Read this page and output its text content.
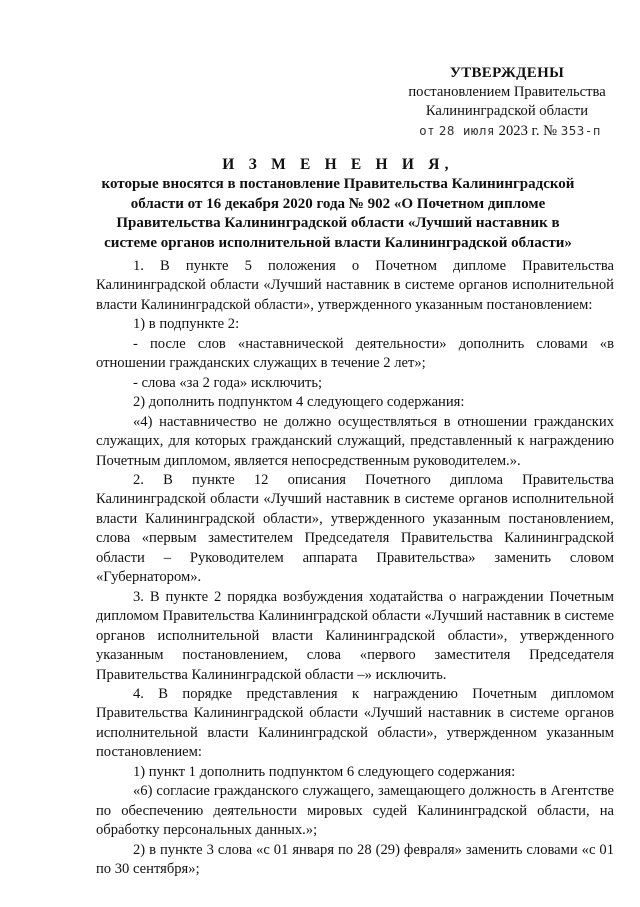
УТВЕРЖДЕНЫ
постановлением Правительства
Калининградской области
от 28 июля 2023 г. № 353-п
И З М Е Н Е Н И Я,
которые вносятся в постановление Правительства Калининградской области от 16 декабря 2020 года № 902 «О Почетном дипломе Правительства Калининградской области «Лучший наставник в системе органов исполнительной власти Калининградской области»

1. В пункте 5 положения о Почетном дипломе Правительства Калининградской области «Лучший наставник в системе органов исполнительной власти Калининградской области», утвержденного указанным постановлением:

1) в подпункте 2:

- после слов «наставнической деятельности» дополнить словами «в отношении гражданских служащих в течение 2 лет»;

- слова «за 2 года» исключить;

2) дополнить подпунктом 4 следующего содержания:

«4) наставничество не должно осуществляться в отношении гражданских служащих, для которых гражданский служащий, представленный к награждению Почетным дипломом, является непосредственным руководителем.».

2. В пункте 12 описания Почетного диплома Правительства Калининградской области «Лучший наставник в системе органов исполнительной власти Калининградской области», утвержденного указанным постановлением, слова «первым заместителем Председателя Правительства Калининградской области – Руководителем аппарата Правительства» заменить словом «Губернатором».

3. В пункте 2 порядка возбуждения ходатайства о награждении Почетным дипломом Правительства Калининградской области «Лучший наставник в системе органов исполнительной власти Калининградской области», утвержденного указанным постановлением, слова «первого заместителя Председателя Правительства Калининградской области –» исключить.

4. В порядке представления к награждению Почетным дипломом Правительства Калининградской области «Лучший наставник в системе органов исполнительной власти Калининградской области», утвержденном указанным постановлением:

1) пункт 1 дополнить подпунктом 6 следующего содержания:

«6) согласие гражданского служащего, замещающего должность в Агентстве по обеспечению деятельности мировых судей Калининградской области, на обработку персональных данных.»;

2) в пункте 3 слова «с 01 января по 28 (29) февраля» заменить словами «с 01 по 30 сентября»;
